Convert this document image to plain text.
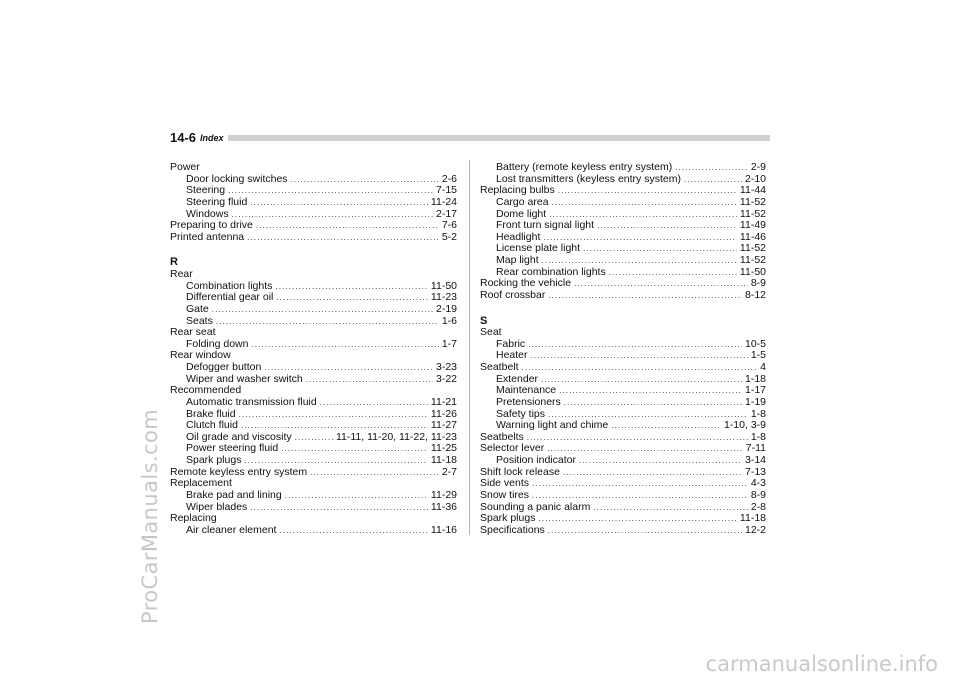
ProCarManuals.com
14-6 Index
Power
Door locking switches .....	2-6
Steering .....	7-15
Steering fluid .....	11-24
Windows .....	2-17
Preparing to drive .....	7-6
Printed antenna .....	5-2
R
Rear
Combination lights .....	11-50
Differential gear oil .....	11-23
Gate .....	2-19
Seats .....	1-6
Rear seat
Folding down .....	1-7
Rear window
Defogger button .....	3-23
Wiper and washer switch .....	3-22
Recommended
Automatic transmission fluid .....	11-21
Brake fluid .....	11-26
Clutch fluid .....	11-27
Oil grade and viscosity .....	11-11, 11-20, 11-22, 11-23
Power steering fluid .....	11-25
Spark plugs .....	11-18
Remote keyless entry system .....	2-7
Replacement
Brake pad and lining .....	11-29
Wiper blades .....	11-36
Replacing
Air cleaner element .....	11-16
Battery (remote keyless entry system) .....	2-9
Lost transmitters (keyless entry system) .....	2-10
Replacing bulbs .....	11-44
Cargo area .....	11-52
Dome light .....	11-52
Front turn signal light .....	11-49
Headlight .....	11-46
License plate light .....	11-52
Map light .....	11-52
Rear combination lights .....	11-50
Rocking the vehicle .....	8-9
Roof crossbar .....	8-12
S
Seat
Fabric .....	10-5
Heater .....	1-5
Seatbelt .....	4
Extender .....	1-18
Maintenance .....	1-17
Pretensioners .....	1-19
Safety tips .....	1-8
Warning light and chime .....	1-10, 3-9
Seatbelts .....	1-8
Selector lever .....	7-11
Position indicator .....	3-14
Shift lock release .....	7-13
Side vents .....	4-3
Snow tires .....	8-9
Sounding a panic alarm .....	2-8
Spark plugs .....	11-18
Specifications .....	12-2
carmanualsonline.info
